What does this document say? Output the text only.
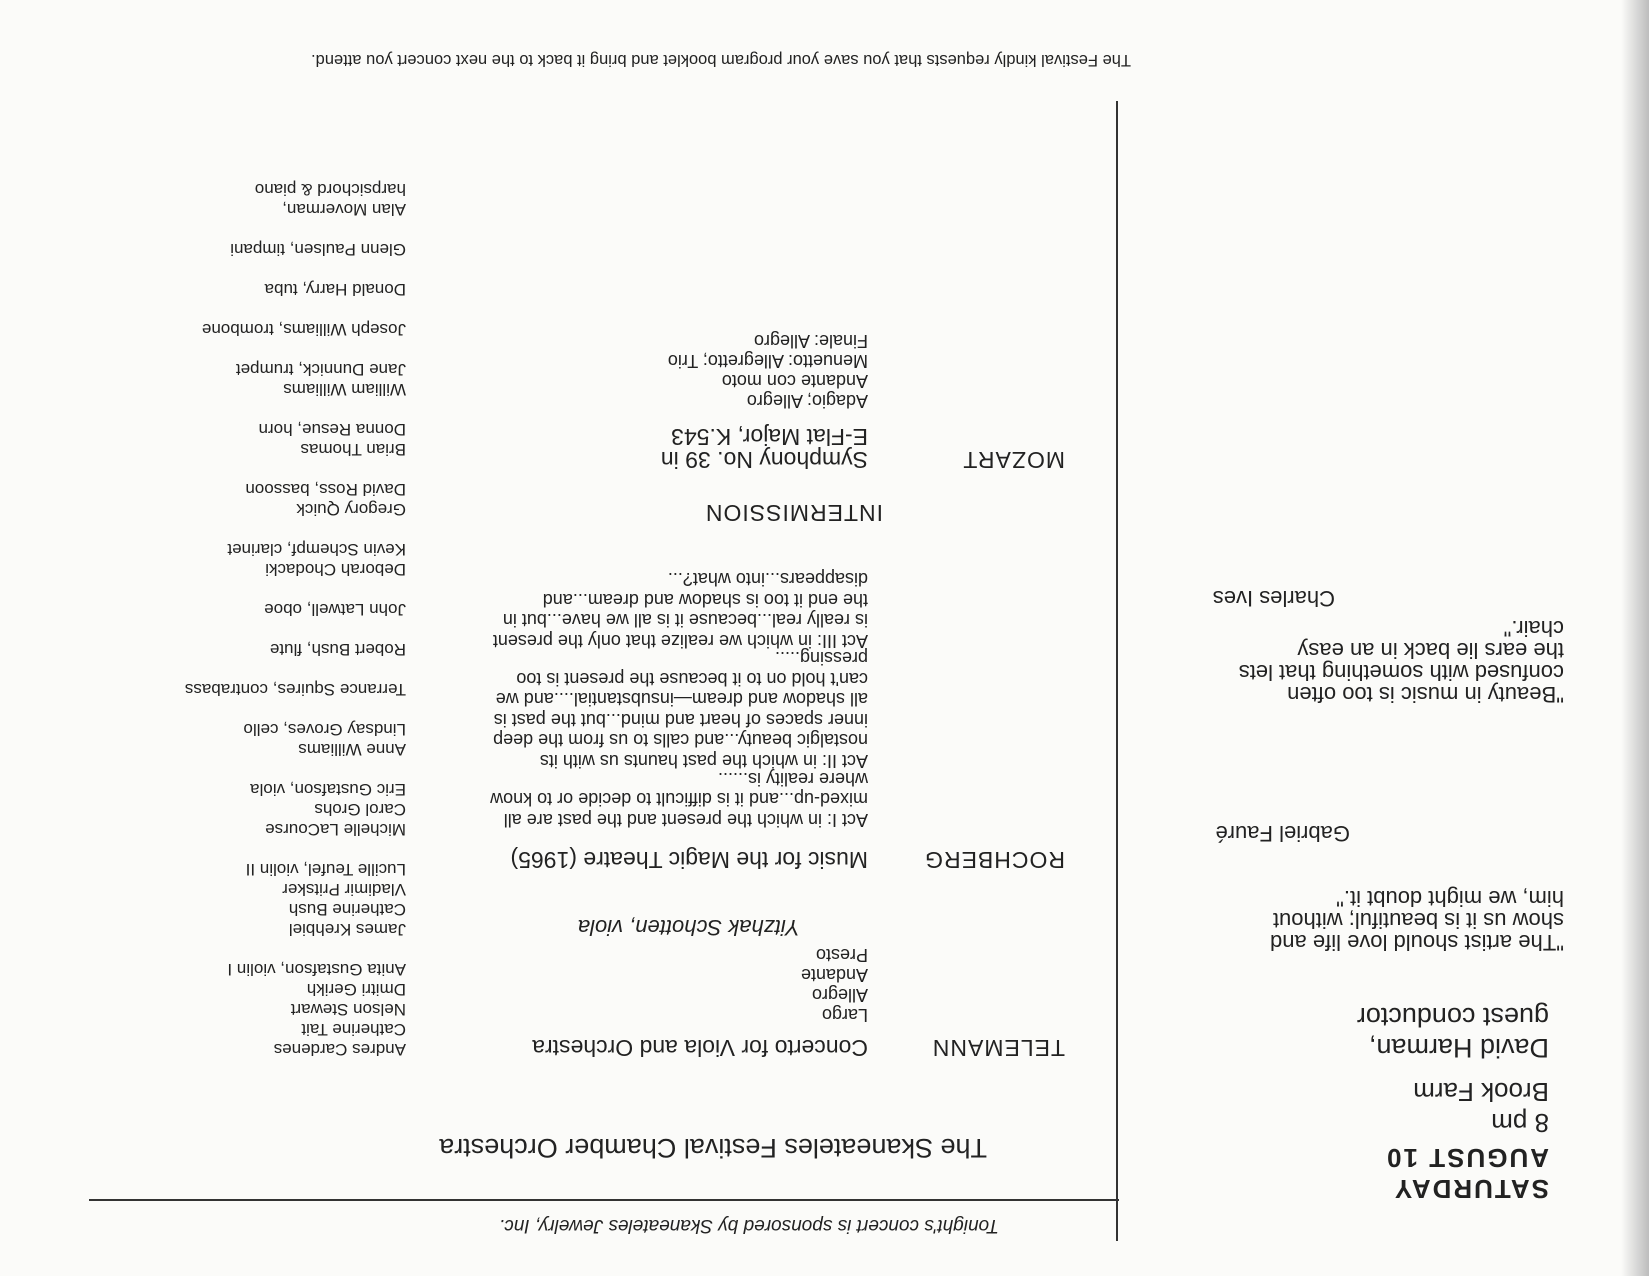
SATURDAY
AUGUST 10
8 pm
Brook Farm
David Harman,
guest conductor
"The artist should love life and show us it is beautiful; without him, we might doubt it."
Gabriel Fauré
"Beauty in music is too often confused with something that lets the ears lie back in an easy chair."
Charles Ives
Tonight's concert is sponsored by Skaneateles Jewelry, Inc.
The Skaneateles Festival Chamber Orchestra
TELEMANN
Concerto for Viola and Orchestra
Largo
Allegro
Andante
Presto
Yitzhak Schotten, viola
ROCHBERG
Music for the Magic Theatre (1965)
Act I: in which the present and the past are all mixed-up...and it is difficult to decide or to know where reality is......
Act II: in which the past haunts us with its nostalgic beauty...and calls to us from the deep inner spaces of heart and mind...but the past is all shadow and dream—insubstantial....and we can't hold on to it because the present is too pressing.....
Act III: in which we realize that only the present is really real...because it is all we have...but in the end it too is shadow and dream...and disappears...into what?...
INTERMISSION
MOZART
Symphony No. 39 in
E-Flat Major, K.543
Adagio; Allegro
Andante con moto
Menuetto: Allegretto; Trio
Finale: Allegro
Andres Cardenes
Catherine Tait
Nelson Stewart
Dmitri Gerikh
Anita Gustafson, violin I
James Krehbiel
Catherine Bush
Vladimir Pritsker
Lucille Teufel, violin II
Michelle LaCourse
Carol Grohs
Eric Gustafson, viola
Anne Williams
Lindsay Groves, cello
Terrance Squires, contrabass
Robert Bush, flute
John Latwell, oboe
Deborah Chodacki
Kevin Schempf, clarinet
Gregory Quick
David Ross, bassoon
Brian Thomas
Donna Resue, horn
William Williams
Jane Dunnick, trumpet
Joseph Williams, trombone
Donald Harry, tuba
Glenn Paulsen, timpani
Alan Moverman,
harpsichord & piano
The Festival kindly requests that you save your program booklet and bring it back to the next concert you attend.
